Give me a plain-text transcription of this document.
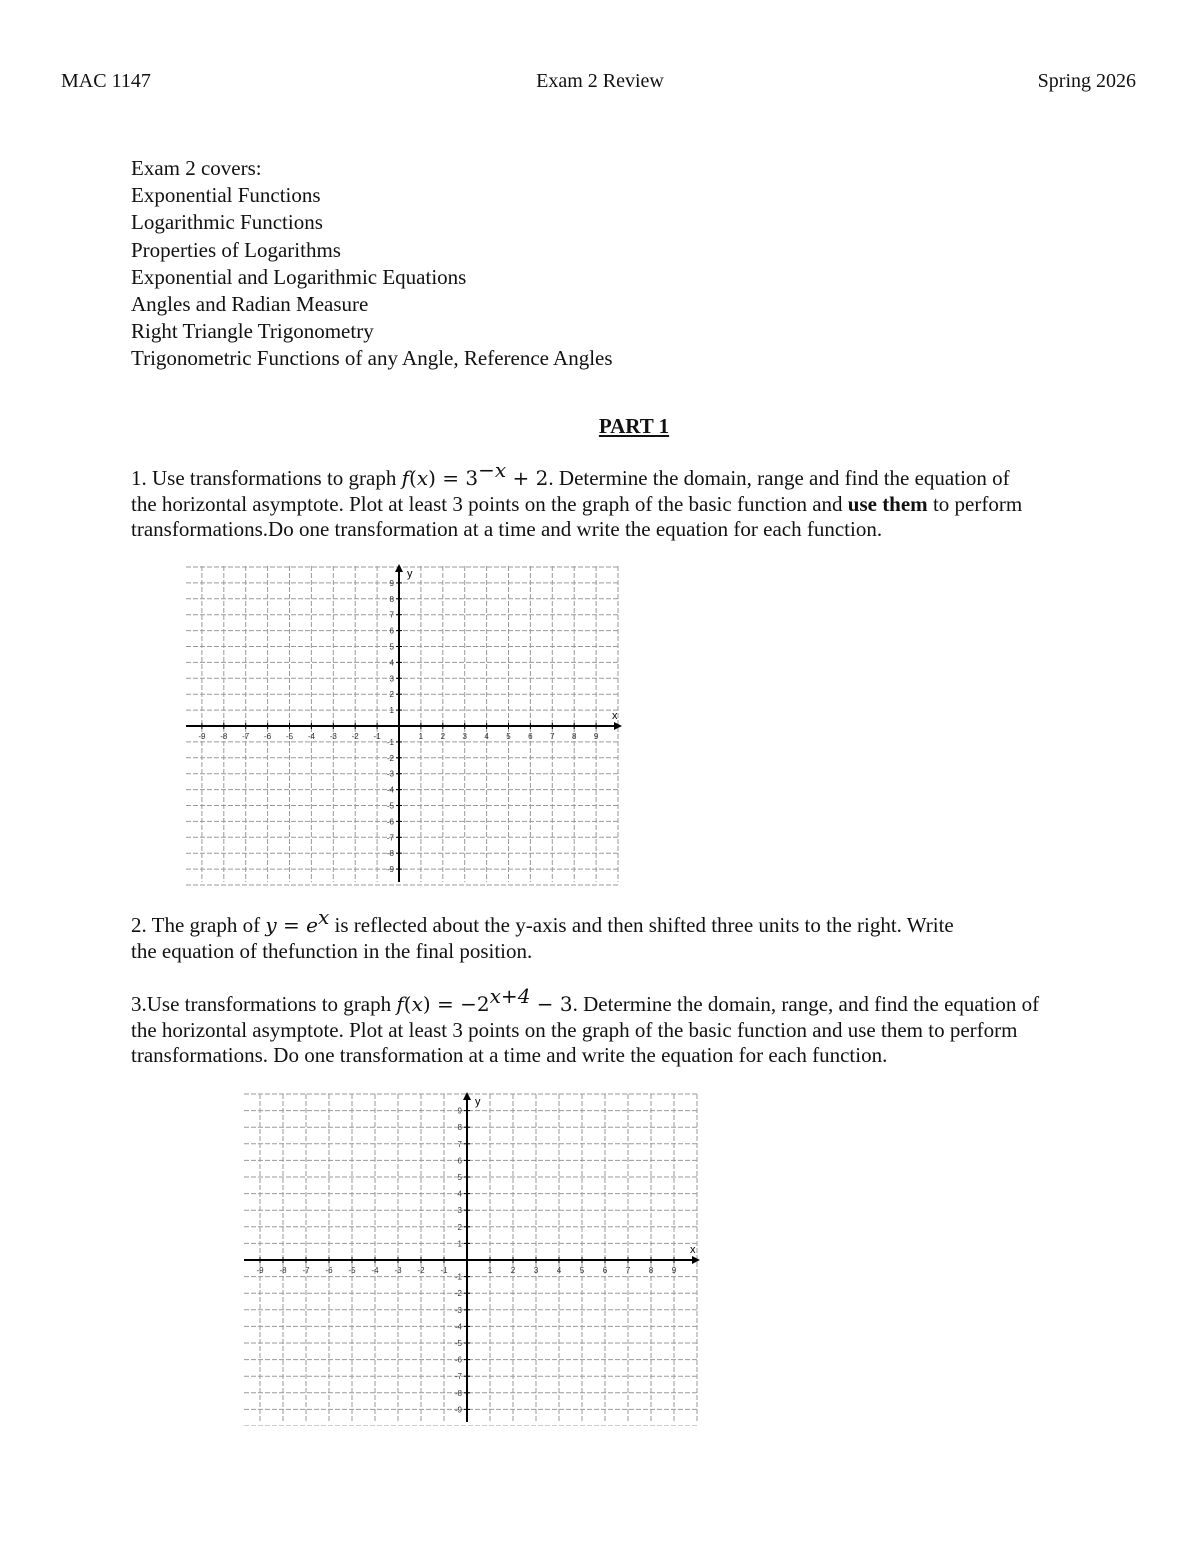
MAC 1147	Exam 2 Review	Spring 2026
Exam 2 covers:
Exponential Functions
Logarithmic Functions
Properties of Logarithms
Exponential and Logarithmic Equations
Angles and Radian Measure
Right Triangle Trigonometry
Trigonometric Functions of any Angle, Reference Angles
PART 1
1. Use transformations to graph $f(x) = 3^{-x} + 2$. Determine the domain, range and find the equation of
the horizontal asymptote. Plot at least 3 points on the graph of the basic function and use them to perform
transformations.Do one transformation at a time and write the equation for each function.
x
y
-9 -8 -7 -6 -5 -4 -3 -2 -1	1 2 3 4 5 6 7 8 9
9
8
7
6
5
4
3
2
1
-1
-2
-3
-4
-5
-6
-7
-8
-9
2. The graph of $y = e^x$ is reflected about the y-axis and then shifted three units to the right. Write
the equation of thefunction in the final position.
3.Use transformations to graph $f(x) = -2^{x+4} - 3$. Determine the domain, range, and find the equation of
the horizontal asymptote. Plot at least 3 points on the graph of the basic function and use them to perform
transformations. Do one transformation at a time and write the equation for each function.
x
y
-9 -8 -7 -6 -5 -4 -3 -2 -1	1 2 3 4 5 6 7 8 9
9
8
7
6
5
4
3
2
1
-1
-2
-3
-4
-5
-6
-7
-8
-9
